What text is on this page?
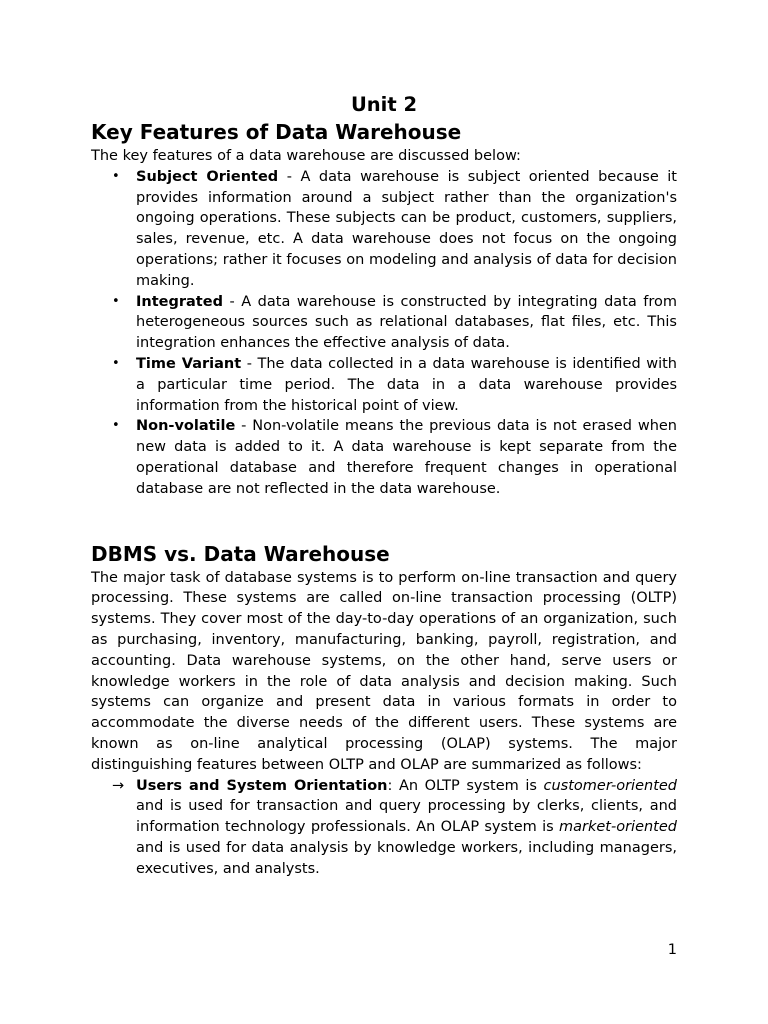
Unit 2
Key Features of Data Warehouse

The key features of a data warehouse are discussed below:

• Subject Oriented - A data warehouse is subject oriented because it provides information around a subject rather than the organization's ongoing operations. These subjects can be product, customers, suppliers, sales, revenue, etc. A data warehouse does not focus on the ongoing operations; rather it focuses on modeling and analysis of data for decision making.
• Integrated - A data warehouse is constructed by integrating data from heterogeneous sources such as relational databases, flat files, etc. This integration enhances the effective analysis of data.
• Time Variant - The data collected in a data warehouse is identified with a particular time period. The data in a data warehouse provides information from the historical point of view.
• Non-volatile - Non-volatile means the previous data is not erased when new data is added to it. A data warehouse is kept separate from the operational database and therefore frequent changes in operational database are not reflected in the data warehouse.
DBMS vs. Data Warehouse

The major task of database systems is to perform on-line transaction and query processing. These systems are called on-line transaction processing (OLTP) systems. They cover most of the day-to-day operations of an organization, such as purchasing, inventory, manufacturing, banking, payroll, registration, and accounting. Data warehouse systems, on the other hand, serve users or knowledge workers in the role of data analysis and decision making. Such systems can organize and present data in various formats in order to accommodate the diverse needs of the different users. These systems are known as on-line analytical processing (OLAP) systems. The major distinguishing features between OLTP and OLAP are summarized as follows:

→ Users and System Orientation: An OLTP system is customer-oriented and is used for transaction and query processing by clerks, clients, and information technology professionals. An OLAP system is market-oriented and is used for data analysis by knowledge workers, including managers, executives, and analysts.
1
